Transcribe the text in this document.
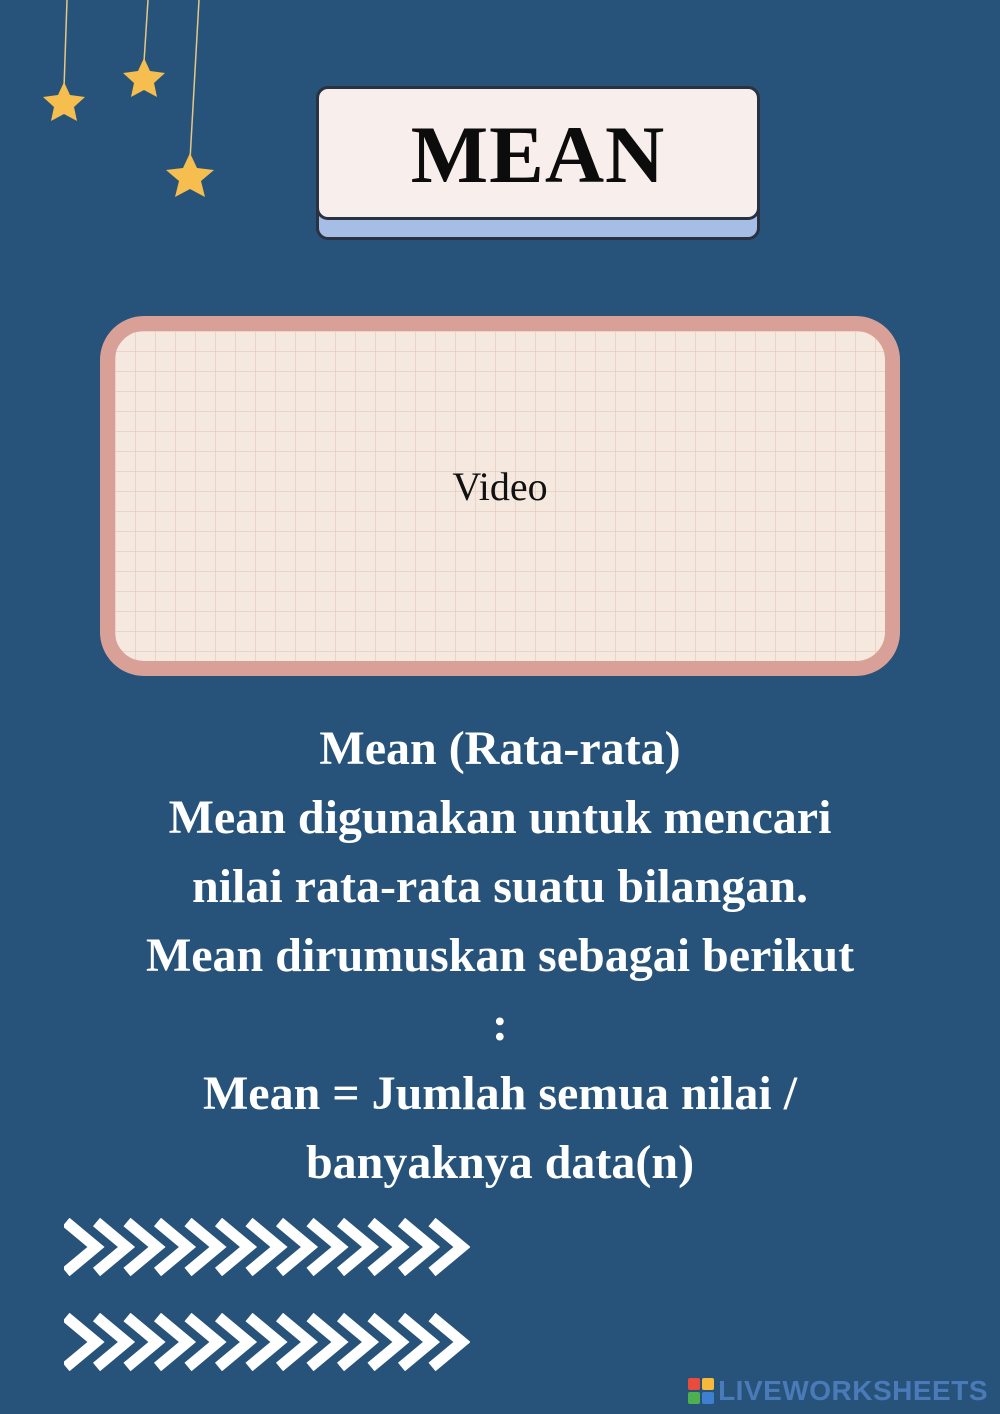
MEAN
Video
Mean (Rata-rata)
Mean digunakan untuk mencari
nilai rata-rata suatu bilangan.
Mean dirumuskan sebagai berikut
:
Mean = Jumlah semua nilai /
banyaknya data(n)
LIVEWORKSHEETS
